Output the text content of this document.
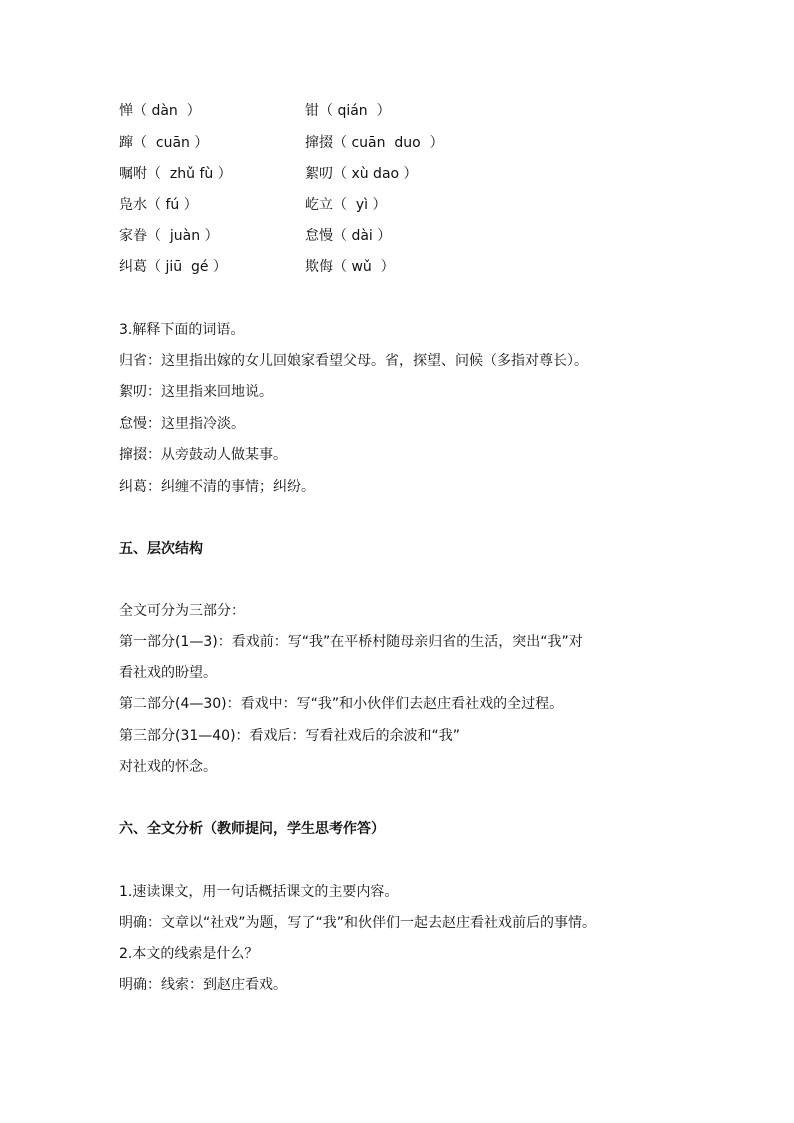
惮（ dàn  ）	钳（ qián  ）
蹿（  cuān ）	撺掇（ cuān  duo  ）
嘱咐（  zhǔ fù ）	絮叨（ xù dao ）
凫水（ fú ）	屹立（  yì ）
家眷（  juàn ）	怠慢（ dài ）
纠葛（ jiū  gé ）	欺侮（ wǔ  ）
3.解释下面的词语。
归省：这里指出嫁的女儿回娘家看望父母。省，探望、问候（多指对尊长）。
絮叨：这里指来回地说。
怠慢：这里指冷淡。
撺掇：从旁鼓动人做某事。
纠葛：纠缠不清的事情；纠纷。
五、层次结构
全文可分为三部分：
第一部分(1—3)：看戏前：写“我”在平桥村随母亲归省的生活，突出“我”对
看社戏的盼望。
第二部分(4—30)：看戏中：写“我”和小伙伴们去赵庄看社戏的全过程。
第三部分(31—40)：看戏后：写看社戏后的余波和“我”
对社戏的怀念。
六、全文分析（教师提问，学生思考作答）
1.速读课文，用一句话概括课文的主要内容。
明确：文章以“社戏”为题，写了“我”和伙伴们一起去赵庄看社戏前后的事情。
2.本文的线索是什么？
明确：线索：到赵庄看戏。
